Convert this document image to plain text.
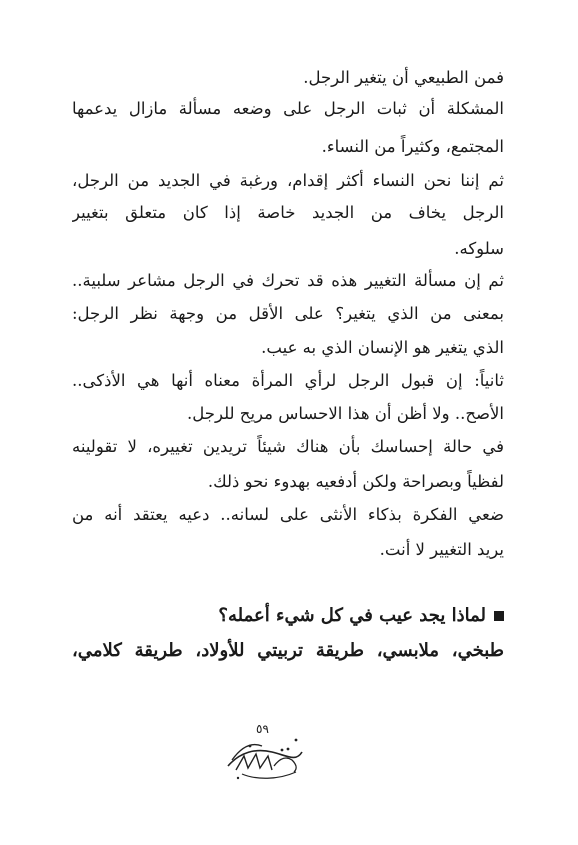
فمن الطبيعي أن يتغير الرجل.
المشكلة أن ثبات الرجل على وضعه مسألة مازال يدعمها
المجتمع، وكثيراً من النساء.
ثم إننا نحن النساء أكثر إقدام، ورغبة في الجديد من الرجل،
الرجل يخاف من الجديد خاصة إذا كان متعلق بتغيير
سلوكه.
ثم إن مسألة التغيير هذه قد تحرك في الرجل مشاعر سلبية..
بمعنى من الذي يتغير؟ على الأقل من وجهة نظر الرجل:
الذي يتغير هو الإنسان الذي به عيب.
ثانياً: إن قبول الرجل لرأي المرأة معناه أنها هي الأذكى..
الأصح.. ولا أظن أن هذا الاحساس مريح للرجل.
في حالة إحساسك بأن هناك شيئاً تريدين تغييره، لا تقولينه
لفظياً وبصراحة ولكن أدفعيه بهدوء نحو ذلك.
ضعي الفكرة بذكاء الأنثى على لسانه.. دعيه يعتقد أنه من
يريد التغيير لا أنت.
لماذا يجد عيب في كل شيء أعمله؟
طبخي، ملابسي، طريقة تربيتي للأولاد، طريقة كلامي،
٥٩
